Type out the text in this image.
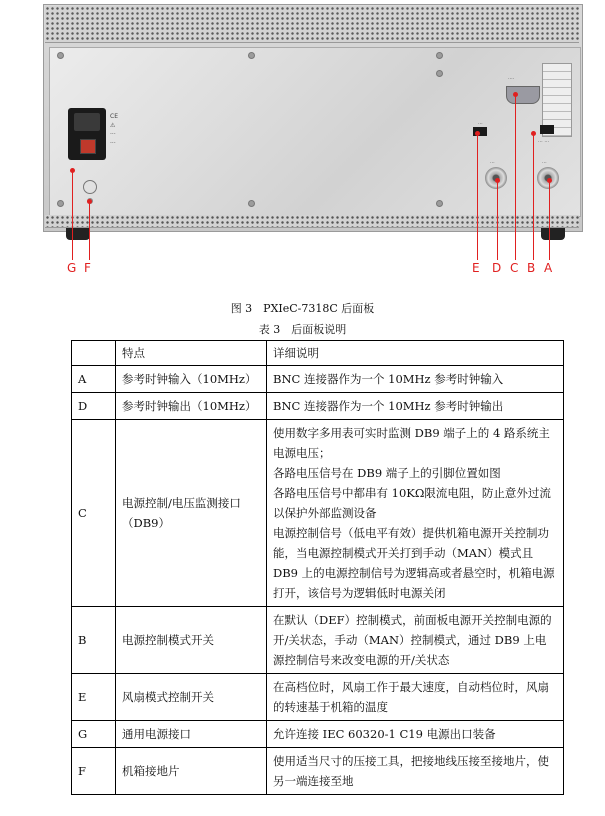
CE
⚠
···
···
····
···
··· ···
···	···
G F	E D C B A
图 3　PXIeC-7318C 后面板
表 3　后面板说明
	特点	详细说明
A	参考时钟输入（10MHz）	BNC 连接器作为一个 10MHz 参考时钟输入

D	参考时钟输出（10MHz）	BNC 连接器作为一个 10MHz 参考时钟输出

C	电源控制/电压监测接口（DB9）	使用数字多用表可实时监测 DB9 端子上的 4 路系统主电源电压；

各路电压信号在 DB9 端子上的引脚位置如图

各路电压信号中都串有 10KΩ限流电阻，防止意外过流以保护外部监测设备

电源控制信号（低电平有效）提供机箱电源开关控制功能，当电源控制模式开关打到手动（MAN）模式且 DB9 上的电源控制信号为逻辑高或者悬空时，机箱电源打开，该信号为逻辑低时电源关闭

B	电源控制模式开关	在默认（DEF）控制模式，前面板电源开关控制电源的开/关状态，手动（MAN）控制模式，通过 DB9 上电源控制信号来改变电源的开/关状态

E	风扇模式控制开关	在高档位时，风扇工作于最大速度，自动档位时，风扇的转速基于机箱的温度

G	通用电源接口	允许连接 IEC 60320-1 C19 电源出口装备

F	机箱接地片	使用适当尺寸的压接工具，把接地线压接至接地片，使另一端连接至地
